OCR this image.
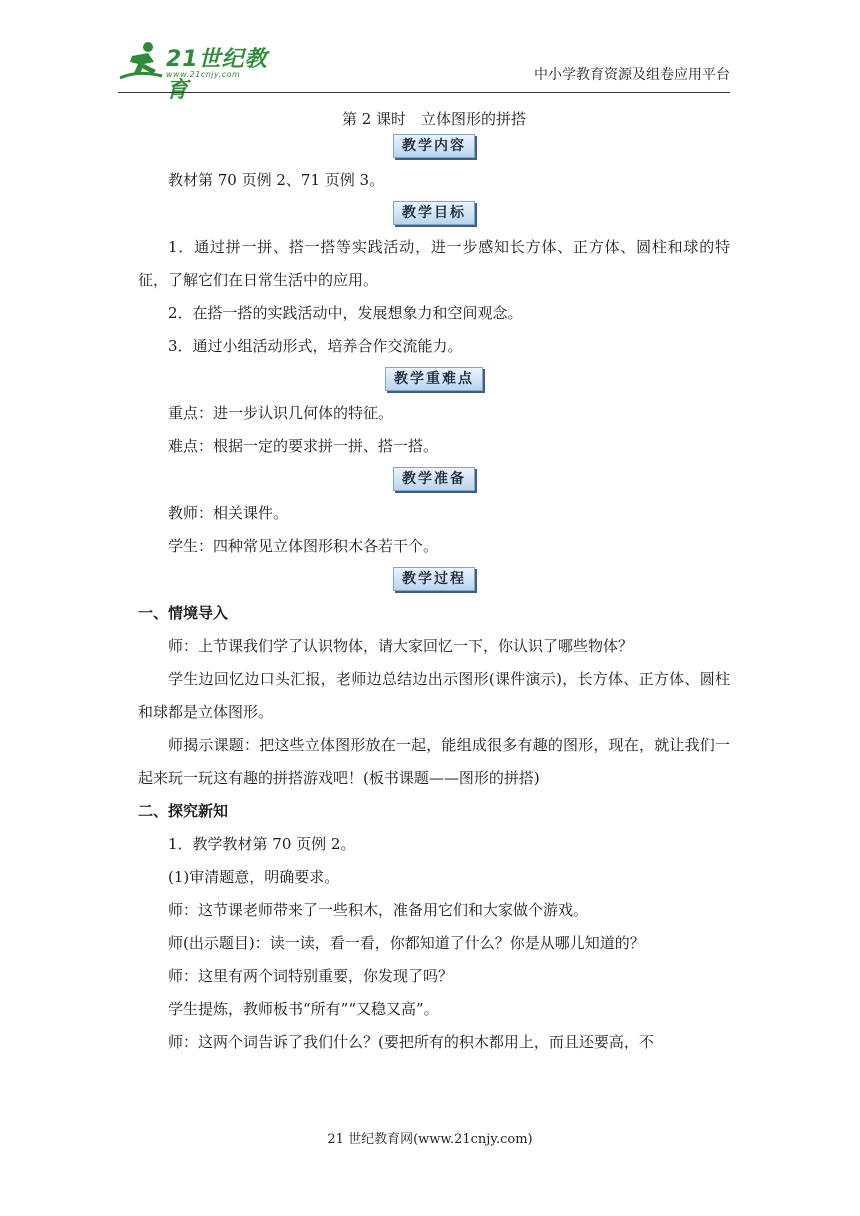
21世纪教育
www.21cnjy.com	中小学教育资源及组卷应用平台

第 2 课时　立体图形的拼搭

教学内容

教材第 70 页例 2、71 页例 3。

教学目标

1．通过拼一拼、搭一搭等实践活动，进一步感知长方体、正方体、圆柱和球的特征，了解它们在日常生活中的应用。

2．在搭一搭的实践活动中，发展想象力和空间观念。

3．通过小组活动形式，培养合作交流能力。

教学重难点

重点：进一步认识几何体的特征。

难点：根据一定的要求拼一拼、搭一搭。

教学准备

教师：相关课件。

学生：四种常见立体图形积木各若干个。

教学过程

一、情境导入

师：上节课我们学了认识物体，请大家回忆一下，你认识了哪些物体？

学生边回忆边口头汇报，老师边总结边出示图形(课件演示)，长方体、正方体、圆柱和球都是立体图形。

师揭示课题：把这些立体图形放在一起，能组成很多有趣的图形，现在，就让我们一起来玩一玩这有趣的拼搭游戏吧！(板书课题——图形的拼搭)

二、探究新知

1．教学教材第 70 页例 2。

(1)审清题意，明确要求。

师：这节课老师带来了一些积木，准备用它们和大家做个游戏。

师(出示题目)：读一读，看一看，你都知道了什么？你是从哪儿知道的？

师：这里有两个词特别重要，你发现了吗？

学生提炼，教师板书“所有”“又稳又高”。

师：这两个词告诉了我们什么？(要把所有的积木都用上，而且还要高，不

21 世纪教育网(www.21cnjy.com)
